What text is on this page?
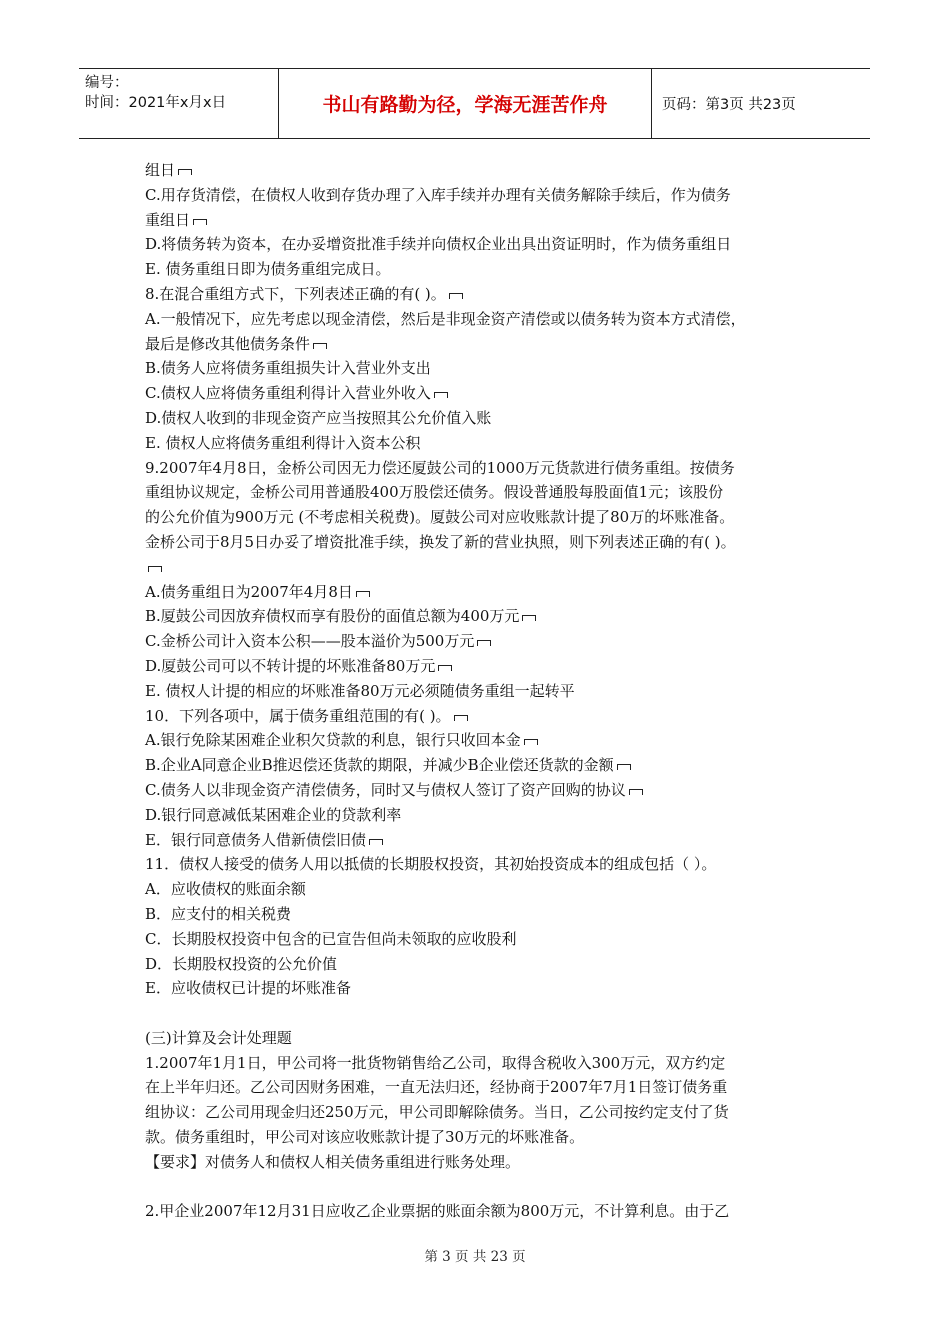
编号：
时间：2021年x月x日	书山有路勤为径，学海无涯苦作舟	页码：第3页 共23页
组日
C.用存货清偿，在债权人收到存货办理了入库手续并办理有关债务解除手续后，作为债务
重组日
D.将债务转为资本，在办妥增资批准手续并向债权企业出具出资证明时，作为债务重组日
E. 债务重组日即为债务重组完成日。
8.在混合重组方式下，下列表述正确的有( )。
A.一般情况下，应先考虑以现金清偿，然后是非现金资产清偿或以债务转为资本方式清偿，
最后是修改其他债务条件
B.债务人应将债务重组损失计入营业外支出
C.债权人应将债务重组利得计入营业外收入
D.债权人收到的非现金资产应当按照其公允价值入账
E. 债权人应将债务重组利得计入资本公积
9.2007年4月8日，金桥公司因无力偿还厦鼓公司的1000万元货款进行债务重组。按债务
重组协议规定，金桥公司用普通股400万股偿还债务。假设普通股每股面值1元；该股份
的公允价值为900万元 (不考虑相关税费)。厦鼓公司对应收账款计提了80万的坏账准备。
金桥公司于8月5日办妥了增资批准手续，换发了新的营业执照，则下列表述正确的有( )。
A.债务重组日为2007年4月8日
B.厦鼓公司因放弃债权而享有股份的面值总额为400万元
C.金桥公司计入资本公积——股本溢价为500万元
D.厦鼓公司可以不转计提的坏账准备80万元
E. 债权人计提的相应的坏账准备80万元必须随债务重组一起转平
10．下列各项中，属于债务重组范围的有( )。
A.银行免除某困难企业积欠贷款的利息，银行只收回本金
B.企业A同意企业B推迟偿还货款的期限，并减少B企业偿还货款的金额
C.债务人以非现金资产清偿债务，同时又与债权人签订了资产回购的协议
D.银行同意减低某困难企业的贷款利率
E．银行同意债务人借新债偿旧债
11．债权人接受的债务人用以抵债的长期股权投资，其初始投资成本的组成包括（ ）。
A．应收债权的账面余额
B．应支付的相关税费
C．长期股权投资中包含的已宣告但尚未领取的应收股利
D．长期股权投资的公允价值
E．应收债权已计提的坏账准备
(三)计算及会计处理题
1.2007年1月1日，甲公司将一批货物销售给乙公司，取得含税收入300万元，双方约定
在上半年归还。乙公司因财务困难，一直无法归还，经协商于2007年7月1日签订债务重
组协议：乙公司用现金归还250万元，甲公司即解除债务。当日，乙公司按约定支付了货
款。债务重组时，甲公司对该应收账款计提了30万元的坏账准备。
【要求】对债务人和债权人相关债务重组进行账务处理。
2.甲企业2007年12月31日应收乙企业票据的账面余额为800万元，不计算利息。由于乙
第 3 页 共 23 页
